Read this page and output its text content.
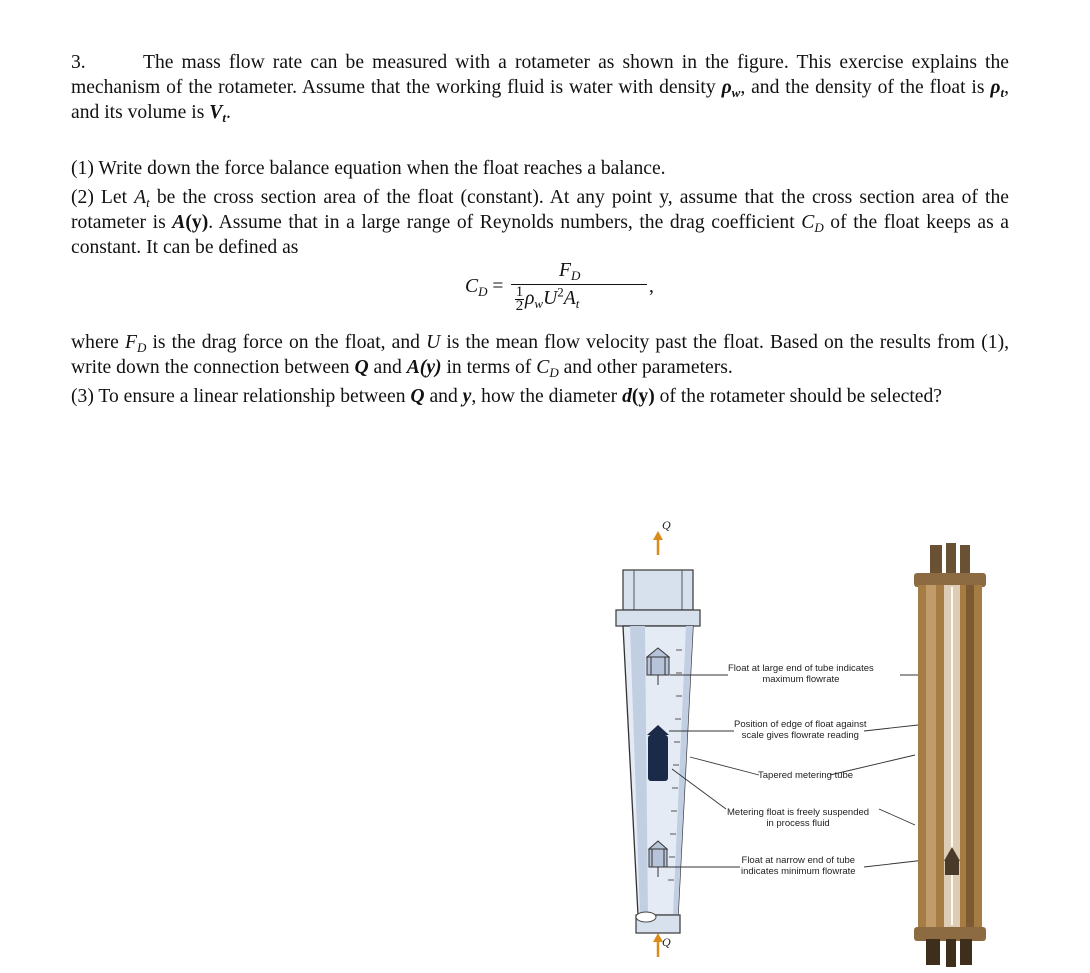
3.	The mass flow rate can be measured with a rotameter as shown in the figure. This exercise explains the mechanism of the rotameter. Assume that the working fluid is water with density $\rho_w$, and the density of the float is $\rho_t$, and its volume is $V_t$.
(1) Write down the force balance equation when the float reaches a balance.
(2) Let $A_t$ be the cross section area of the float (constant). At any point y, assume that the cross section area of the rotameter is A(y). Assume that in a large range of Reynolds numbers, the drag coefficient $C_D$ of the float keeps as a constant. It can be defined as
$C_D$ =
$F_D$
$\frac{1}{2} \rho_wU^2A_t$
,
where $F_D$ is the drag force on the float, and U is the mean flow velocity past the float. Based on the results from (1), write down the connection between Q and A(y) in terms of $C_D$ and other parameters.
(3) To ensure a linear relationship between Q and y, how the diameter d(y) of the rotameter should be selected?
Q
Q
Float at large end of tube indicates
maximum flowrate
Position of edge of float against
scale gives flowrate reading
Tapered metering tube
Metering float is freely suspended
in process fluid
Float at narrow end of tube
indicates minimum flowrate
